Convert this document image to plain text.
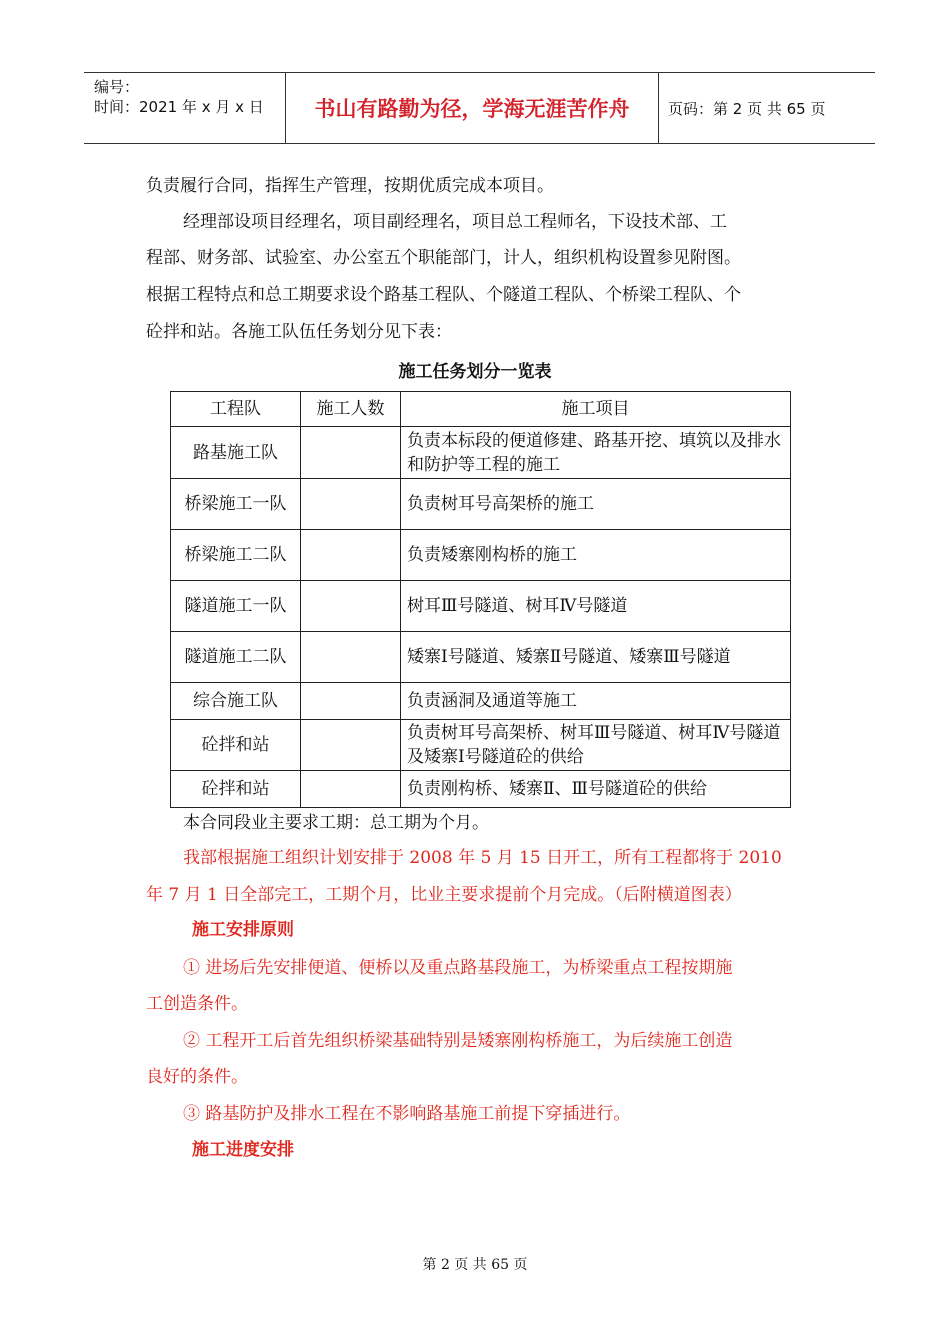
编号：
时间：2021 年 x 月 x 日	书山有路勤为径，学海无涯苦作舟	页码：第 2 页 共 65 页
负责履行合同，指挥生产管理，按期优质完成本项目。
经理部设项目经理名，项目副经理名，项目总工程师名，下设技术部、工
程部、财务部、试验室、办公室五个职能部门，计人，组织机构设置参见附图。
根据工程特点和总工期要求设个路基工程队、个隧道工程队、个桥梁工程队、个
砼拌和站。各施工队伍任务划分见下表：
施工任务划分一览表
工程队	施工人数	施工项目
路基施工队		负责本标段的便道修建、路基开挖、填筑以及排水和防护等工程的施工
桥梁施工一队		负责树耳号高架桥的施工
桥梁施工二队		负责矮寨刚构桥的施工
隧道施工一队		树耳Ⅲ号隧道、树耳Ⅳ号隧道
隧道施工二队		矮寨Ⅰ号隧道、矮寨Ⅱ号隧道、矮寨Ⅲ号隧道
综合施工队		负责涵洞及通道等施工
砼拌和站		负责树耳号高架桥、树耳Ⅲ号隧道、树耳Ⅳ号隧道及矮寨Ⅰ号隧道砼的供给
砼拌和站		负责刚构桥、矮寨Ⅱ、Ⅲ号隧道砼的供给
本合同段业主要求工期：总工期为个月。
我部根据施工组织计划安排于 2008 年 5 月 15 日开工，所有工程都将于 2010
年 7 月 1 日全部完工，工期个月，比业主要求提前个月完成。（后附横道图表）
施工安排原则
① 进场后先安排便道、便桥以及重点路基段施工，为桥梁重点工程按期施
工创造条件。
② 工程开工后首先组织桥梁基础特别是矮寨刚构桥施工，为后续施工创造
良好的条件。
③ 路基防护及排水工程在不影响路基施工前提下穿插进行。
施工进度安排
第 2 页 共 65 页
